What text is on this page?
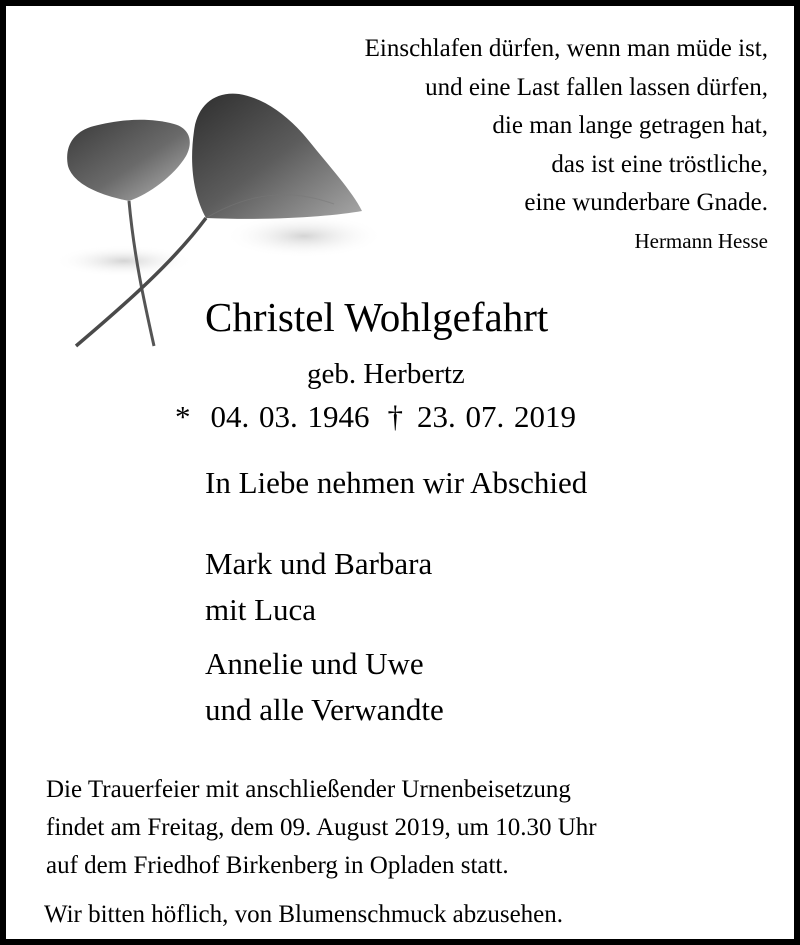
Einschlafen dürfen, wenn man müde ist,
und eine Last fallen lassen dürfen,
die man lange getragen hat,
das ist eine tröstliche,
eine wunderbare Gnade.
Hermann Hesse
Christel Wohlgefahrt
geb. Herbertz
* 04. 03. 1946 † 23. 07. 2019
In Liebe nehmen wir Abschied
Mark und Barbara
mit Luca
Annelie und Uwe
und alle Verwandte
Die Trauerfeier mit anschließender Urnenbeisetzung
findet am Freitag, dem 09. August 2019, um 10.30 Uhr
auf dem Friedhof Birkenberg in Opladen statt.
Wir bitten höflich, von Blumenschmuck abzusehen.
